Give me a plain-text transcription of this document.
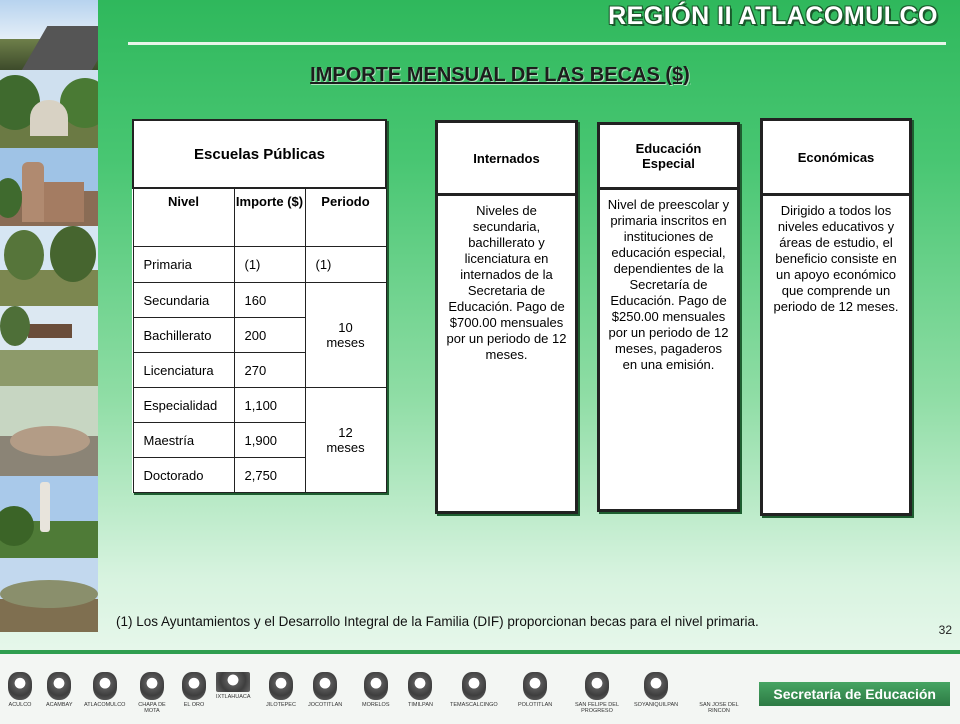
REGIÓN II ATLACOMULCO
IMPORTE MENSUAL DE LAS BECAS ($)
Escuelas Públicas		
Nivel	Importe ($)	Periodo
Primaria	(1)	(1)
Secundaria	160	10 meses
Bachillerato	200	
Licenciatura	270	
Especialidad	1,100	12 meses
Maestría	1,900	
Doctorado	2,750	
Internados
Niveles de secundaria, bachillerato y licenciatura en internados de la Secretaria de Educación. Pago de $700.00 mensuales por un periodo de 12 meses.
Educación Especial
Nivel de preescolar y primaria inscritos en instituciones de educación especial, dependientes de la Secretaría de Educación. Pago de $250.00 mensuales por un periodo de 12 meses, pagaderos en una emisión.
Económicas
Dirigido a todos los niveles educativos y áreas de estudio, el beneficio consiste en un apoyo económico que comprende un periodo de 12 meses.
(1) Los Ayuntamientos y el Desarrollo Integral de la Familia (DIF) proporcionan becas para el nivel primaria.
32
ACULCO	ACAMBAY ATLACOMULCO	CHAPA DE MOTA
EL ORO
IXTLAHUACA
JILOTEPEC JOCOTITLAN	MORELOS	TIMILPAN	TEMASCALCINGO	POLOTITLAN	SAN FELIPE DEL PROGRESO
SOYANIQUILPAN	SAN JOSE DEL RINCON
Secretaría de Educación
